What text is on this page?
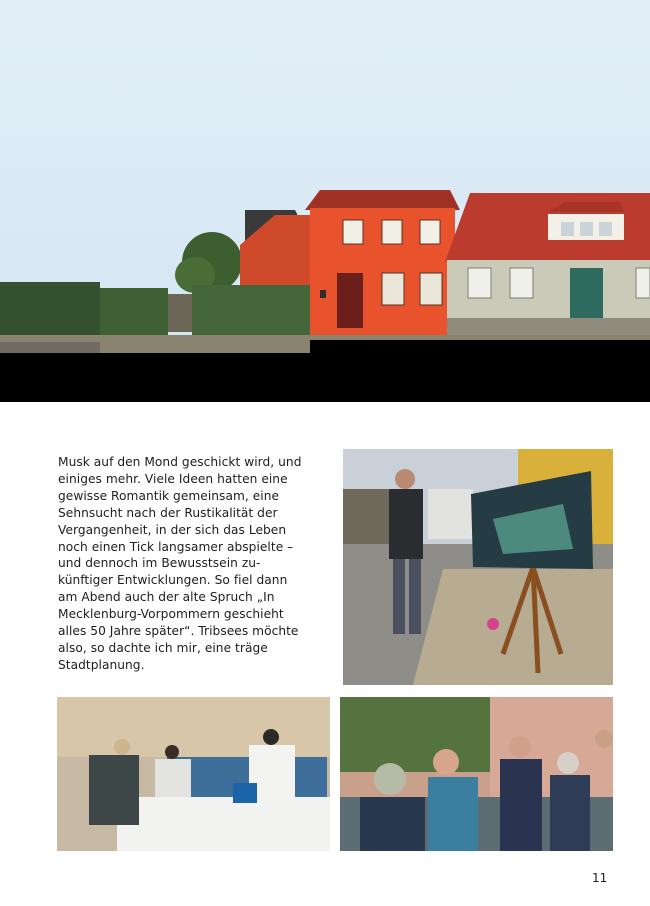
Musk auf den Mond geschickt wird, und
einiges mehr. Viele Ideen hatten eine
gewisse Romantik gemeinsam, eine
Sehnsucht nach der Rustikalität der
Vergangenheit, in der sich das Leben
noch einen Tick langsamer abspielte –
und dennoch im Bewusstsein zu-
künftiger Entwicklungen. So fiel dann
am Abend auch der alte Spruch „In
Mecklenburg-Vorpommern geschieht
alles 50 Jahre später“. Tribsees möchte
also, so dachte ich mir, eine träge
Stadtplanung.

11
